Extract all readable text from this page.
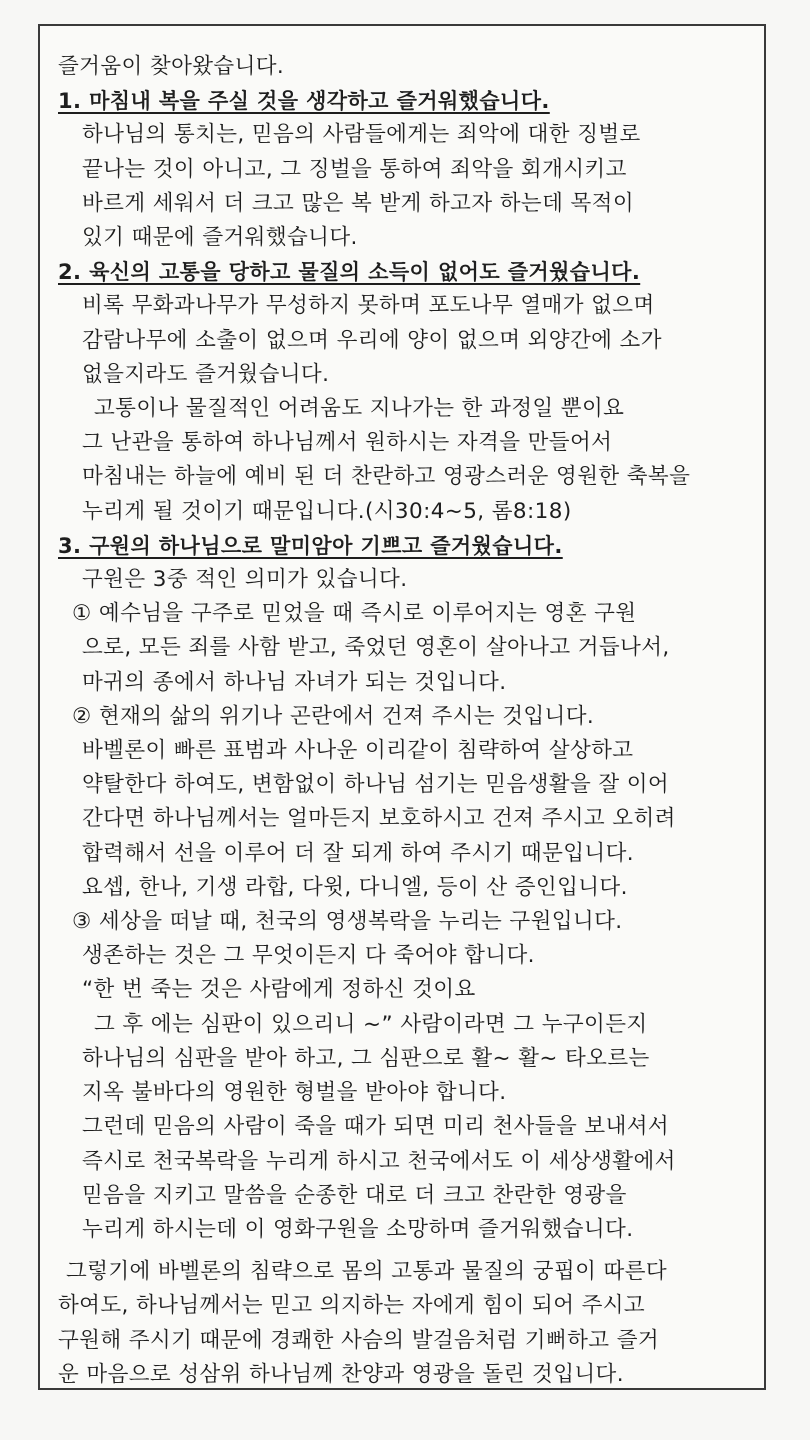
즐거움이 찾아왔습니다.
1. 마침내 복을 주실 것을 생각하고 즐거워했습니다.
하나님의 통치는, 믿음의 사람들에게는 죄악에 대한 징벌로
끝나는 것이 아니고, 그 징벌을 통하여 죄악을 회개시키고
바르게 세워서 더 크고 많은 복 받게 하고자 하는데 목적이
있기 때문에 즐거워했습니다.
2. 육신의 고통을 당하고 물질의 소득이 없어도 즐거웠습니다.
비록 무화과나무가 무성하지 못하며 포도나무 열매가 없으며
감람나무에 소출이 없으며 우리에 양이 없으며 외양간에 소가
없을지라도 즐거웠습니다.
고통이나 물질적인 어려움도 지나가는 한 과정일 뿐이요
그 난관을 통하여 하나님께서 원하시는 자격을 만들어서
마침내는 하늘에 예비 된 더 찬란하고 영광스러운 영원한 축복을
누리게 될 것이기 때문입니다.(시30:4~5, 롬8:18)
3. 구원의 하나님으로 말미암아 기쁘고 즐거웠습니다.
구원은 3중 적인 의미가 있습니다.
① 예수님을 구주로 믿었을 때 즉시로 이루어지는 영혼 구원
으로, 모든 죄를 사함 받고, 죽었던 영혼이 살아나고 거듭나서,
마귀의 종에서 하나님 자녀가 되는 것입니다.
② 현재의 삶의 위기나 곤란에서 건져 주시는 것입니다.
바벨론이 빠른 표범과 사나운 이리같이 침략하여 살상하고
약탈한다 하여도, 변함없이 하나님 섬기는 믿음생활을 잘 이어
간다면 하나님께서는 얼마든지 보호하시고 건져 주시고 오히려
합력해서 선을 이루어 더 잘 되게 하여 주시기 때문입니다.
요셉, 한나, 기생 라합, 다윗, 다니엘, 등이 산 증인입니다.
③ 세상을 떠날 때, 천국의 영생복락을 누리는 구원입니다.
생존하는 것은 그 무엇이든지 다 죽어야 합니다.
“한 번 죽는 것은 사람에게 정하신 것이요
그 후 에는 심판이 있으리니 ~” 사람이라면 그 누구이든지
하나님의 심판을 받아 하고, 그 심판으로 활~ 활~ 타오르는
지옥 불바다의 영원한 형벌을 받아야 합니다.
그런데 믿음의 사람이 죽을 때가 되면 미리 천사들을 보내셔서
즉시로 천국복락을 누리게 하시고 천국에서도 이 세상생활에서
믿음을 지키고 말씀을 순종한 대로 더 크고 찬란한 영광을
누리게 하시는데 이 영화구원을 소망하며 즐거워했습니다.
그렇기에 바벨론의 침략으로 몸의 고통과 물질의 궁핍이 따른다
하여도, 하나님께서는 믿고 의지하는 자에게 힘이 되어 주시고
구원해 주시기 때문에 경쾌한 사슴의 발걸음처럼 기뻐하고 즐거
운 마음으로 성삼위 하나님께 찬양과 영광을 돌린 것입니다.
